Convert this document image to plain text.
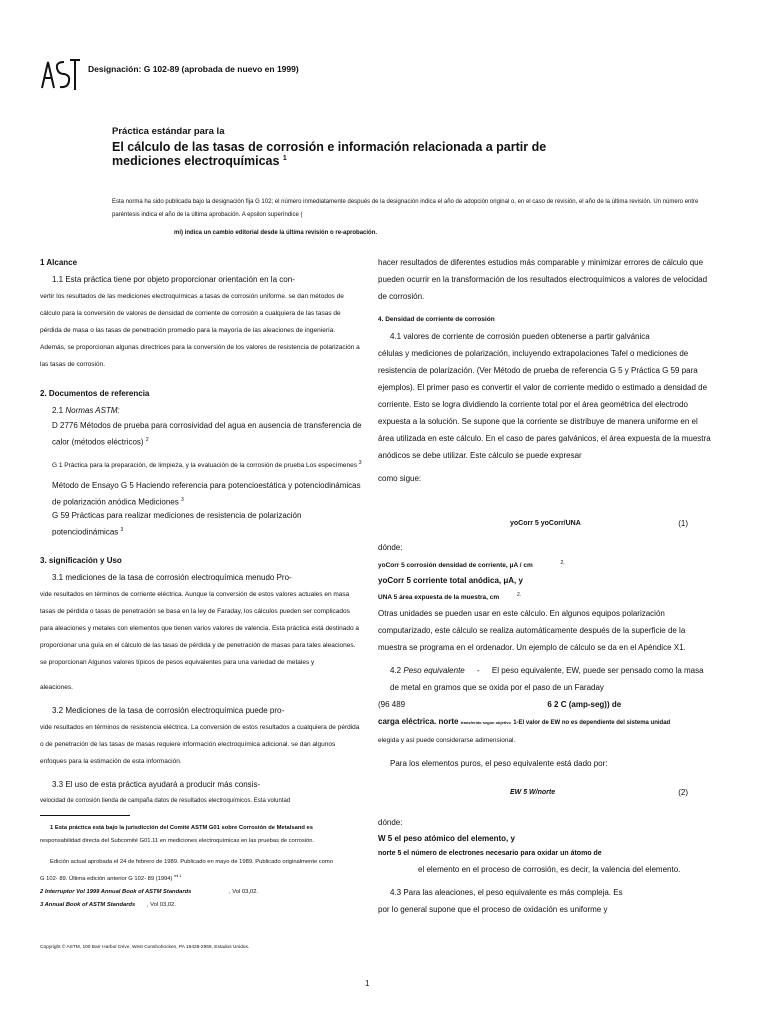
Designación: G 102-89 (aprobada de nuevo en 1999)
Práctica estándar para la
El cálculo de las tasas de corrosión e información relacionada a partir de mediciones electroquímicas $^1$
Esta norma ha sido publicada bajo la designación fija G 102; el número inmediatamente después de la designación indica el año de adopción original o, en el caso de revisión, el año de la última revisión. Un número entre paréntesis indica el año de la última aprobación. A epsilon superíndice (
mi) indica un cambio editorial desde la última revisión o re-aprobación.

1 Alcance

1.1 Esta práctica tiene por objeto proporcionar orientación en la con-

vertir los resultados de las mediciones electroquímicas a tasas de corrosión uniforme. se dan métodos de cálculo para la conversión de valores de densidad de corriente de corrosión a cualquiera de las tasas de pérdida de masa o las tasas de penetración promedio para la mayoría de las aleaciones de ingeniería. Además, se proporcionan algunas directrices para la conversión de los valores de resistencia de polarización a las tasas de corrosión.

2. Documentos de referencia

2.1 Normas ASTM:

D 2776 Métodos de prueba para corrosividad del agua en ausencia de transferencia de calor (métodos eléctricos) $^2$

G 1 Práctica para la preparación, de limpieza, y la evaluación de la corrosión de prueba Los especímenes $^3$

Método de Ensayo G 5 Haciendo referencia para potencioestática y potenciodinámicas de polarización anódica Mediciones $^3$

G 59 Prácticas para realizar mediciones de resistencia de polarización potenciodinámicas $^3$

3. significación y Uso

3.1 mediciones de la tasa de corrosión electroquímica menudo Pro-

vide resultados en términos de corriente eléctrica. Aunque la conversión de estos valores actuales en masa tasas de pérdida o tasas de penetración se basa en la ley de Faraday, los cálculos pueden ser complicados para aleaciones y metales con elementos que tienen varios valores de valencia. Esta práctica está destinado a proporcionar una guía en el cálculo de las tasas de pérdida y de penetración de masas para tales aleaciones. se proporcionan Algunos valores típicos de pesos equivalentes para una variedad de metales y

aleaciones.

3.2 Mediciones de la tasa de corrosión electroquímica puede pro-

vide resultados en términos de resistencia eléctrica. La conversión de estos resultados a cualquiera de pérdida o de penetración de las tasas de masas requiere información electroquímica adicional. se dan algunos enfoques para la estimación de esta información.

3.3 El uso de esta práctica ayudará a producir más consis-

velocidad de corrosión tienda de campaña datos de resultados electroquímicos. Esta voluntad

1 Esta práctica está bajo la jurisdicción del Comité ASTM G01 sobre Corrosión de Metalsand es

responsabilidad directa del Subcomité G01.11 en mediciones electroquímicas en las pruebas de corrosión.

Edición actual aprobada el 24 de febrero de 1989. Publicado en mayo de 1989. Publicado originalmente como

G 102- 89. Última edición anterior G 102- 89 (1994) $^{mi 1}$

2 Interruptor Vol 1999 Annual Book of ASTM Standards	, Vol 03,02.

3 Annual Book of ASTM Standards , Vol 03,02.

hacer resultados de diferentes estudios más comparable y minimizar errores de cálculo que pueden ocurrir en la transformación de los resultados electroquímicos a valores de velocidad de corrosión.

4. Densidad de corriente de corrosión

4.1 valores de corriente de corrosión pueden obtenerse a partir galvánica

células y mediciones de polarización, incluyendo extrapolaciones Tafel o mediciones de resistencia de polarización. (Ver Método de prueba de referencia G 5 y Práctica G 59 para ejemplos). El primer paso es convertir el valor de corriente medido o estimado a densidad de corriente. Esto se logra dividiendo la corriente total por el área geométrica del electrodo expuesta a la solución. Se supone que la corriente se distribuye de manera uniforme en el área utilizada en este cálculo. En el caso de pares galvánicos, el área expuesta de la muestra anódicos se debe utilizar. Este cálculo se puede expresar

como sigue:

yoCorr 5 yoCorr/UNA	(1)

dónde:

yoCorr 5 corrosión densidad de corriente, μA / cm	$^{2,}$

yoCorr 5 corriente total anódica, μA, y

UNA 5 área expuesta de la muestra, cm	$^{2.}$

Otras unidades se pueden usar en este cálculo. En algunos equipos polarización computarizado, este cálculo se realiza automáticamente después de la superficie de la muestra se programa en el ordenador. Un ejemplo de cálculo se da en el Apéndice X1.

4.2 Peso equivalente - El peso equivalente, EW, puede ser pensado como la masa de metal en gramos que se oxida por el paso de un Faraday

(96 489	6 2 C (amp-seg)) de

carga eléctrica. norte transferido según objetivo 1-El valor de EW no es dependiente del sistema unidad

elegida y así puede considerarse adimensional.

Para los elementos puros, el peso equivalente está dado por:

EW 5 W/norte	(2)

dónde:

W 5 el peso atómico del elemento, y

norte 5 el número de electrones necesario para oxidar un átomo de

el elemento en el proceso de corrosión, es decir, la valencia del elemento.

4.3 Para las aleaciones, el peso equivalente es más compleja. Es

por lo general supone que el proceso de oxidación es uniforme y

Copyright © ASTM, 100 Barr Harbor Drive, West Conshohocken, PA 19428-2959, Estados Unidos.
1
